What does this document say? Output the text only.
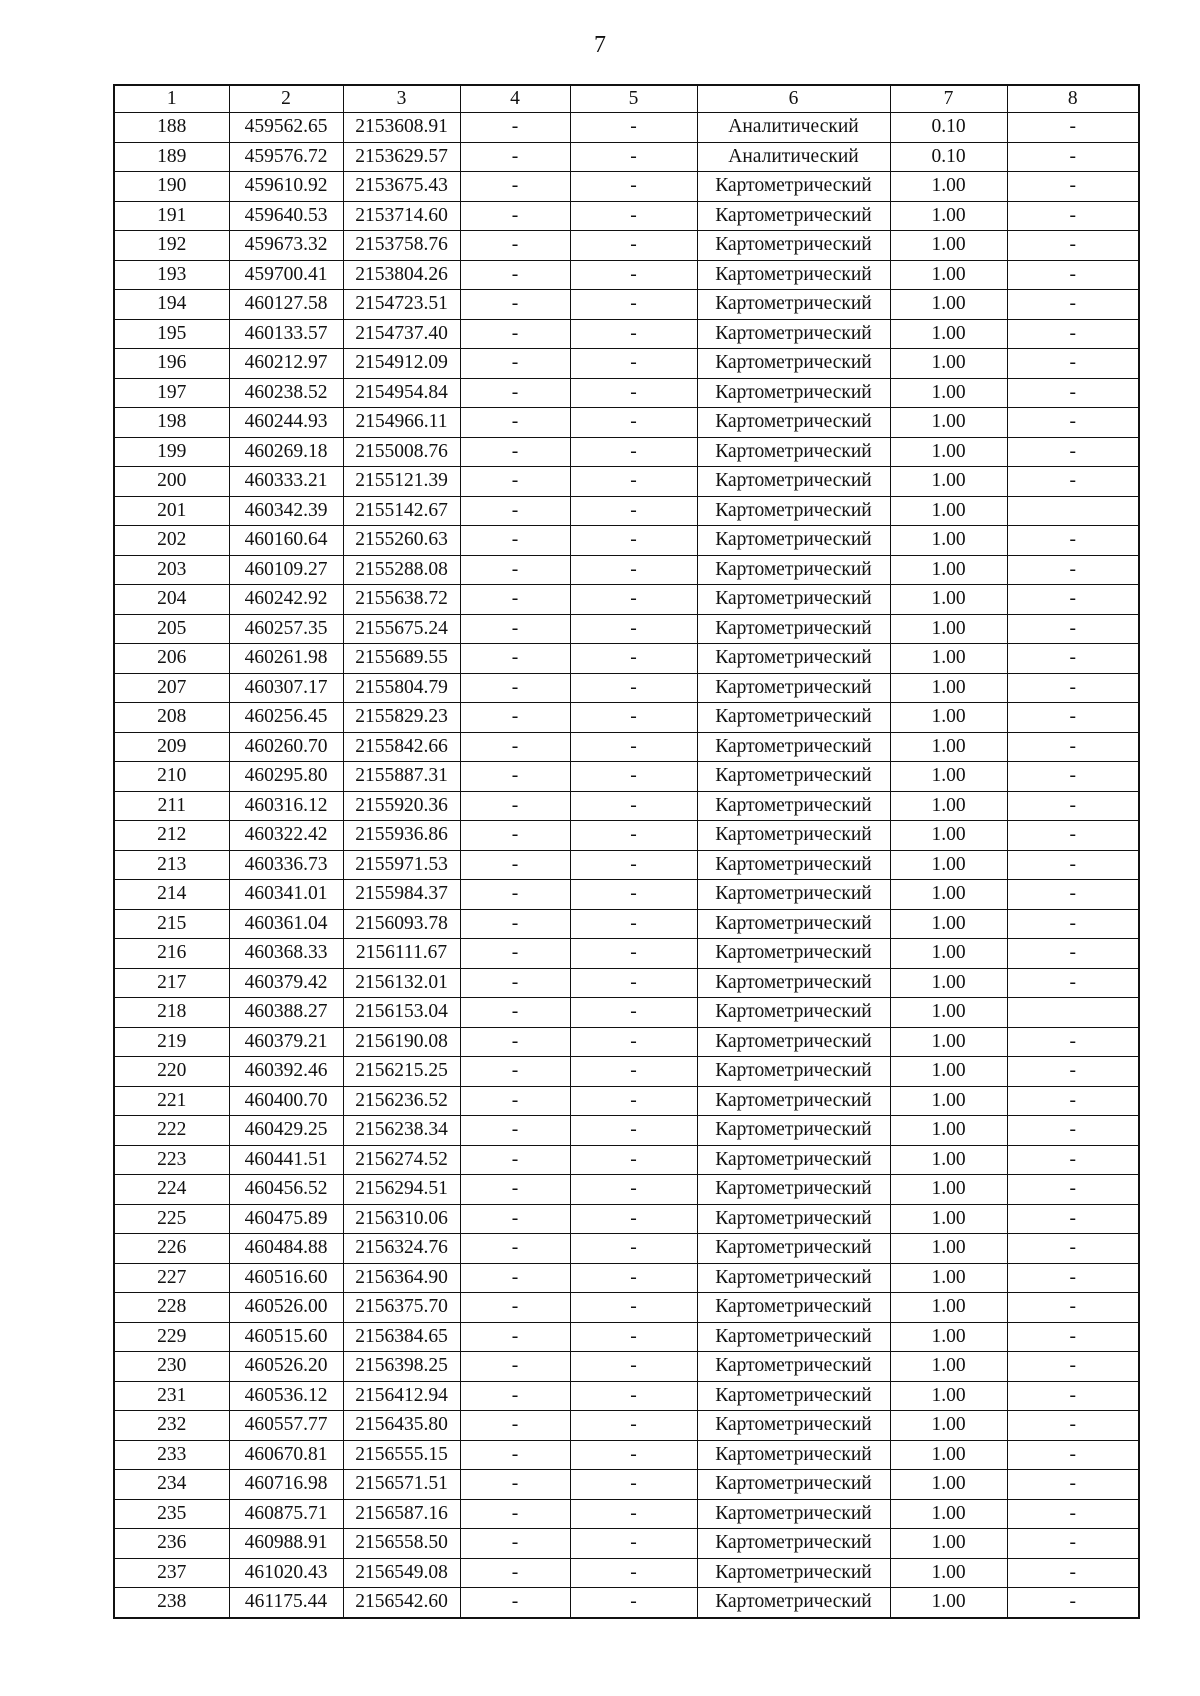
7
1	2	3	4	5	6	7	8
188	459562.65	2153608.91	-	-	Аналитический	0.10	-
189	459576.72	2153629.57	-	-	Аналитический	0.10	-
190	459610.92	2153675.43	-	-	Картометрический	1.00	-
191	459640.53	2153714.60	-	-	Картометрический	1.00	-
192	459673.32	2153758.76	-	-	Картометрический	1.00	-
193	459700.41	2153804.26	-	-	Картометрический	1.00	-
194	460127.58	2154723.51	-	-	Картометрический	1.00	-
195	460133.57	2154737.40	-	-	Картометрический	1.00	-
196	460212.97	2154912.09	-	-	Картометрический	1.00	-
197	460238.52	2154954.84	-	-	Картометрический	1.00	-
198	460244.93	2154966.11	-	-	Картометрический	1.00	-
199	460269.18	2155008.76	-	-	Картометрический	1.00	-
200	460333.21	2155121.39	-	-	Картометрический	1.00	-
201	460342.39	2155142.67	-	-	Картометрический	1.00	
202	460160.64	2155260.63	-	-	Картометрический	1.00	-
203	460109.27	2155288.08	-	-	Картометрический	1.00	-
204	460242.92	2155638.72	-	-	Картометрический	1.00	-
205	460257.35	2155675.24	-	-	Картометрический	1.00	-
206	460261.98	2155689.55	-	-	Картометрический	1.00	-
207	460307.17	2155804.79	-	-	Картометрический	1.00	-
208	460256.45	2155829.23	-	-	Картометрический	1.00	-
209	460260.70	2155842.66	-	-	Картометрический	1.00	-
210	460295.80	2155887.31	-	-	Картометрический	1.00	-
211	460316.12	2155920.36	-	-	Картометрический	1.00	-
212	460322.42	2155936.86	-	-	Картометрический	1.00	-
213	460336.73	2155971.53	-	-	Картометрический	1.00	-
214	460341.01	2155984.37	-	-	Картометрический	1.00	-
215	460361.04	2156093.78	-	-	Картометрический	1.00	-
216	460368.33	2156111.67	-	-	Картометрический	1.00	-
217	460379.42	2156132.01	-	-	Картометрический	1.00	-
218	460388.27	2156153.04	-	-	Картометрический	1.00	
219	460379.21	2156190.08	-	-	Картометрический	1.00	-
220	460392.46	2156215.25	-	-	Картометрический	1.00	-
221	460400.70	2156236.52	-	-	Картометрический	1.00	-
222	460429.25	2156238.34	-	-	Картометрический	1.00	-
223	460441.51	2156274.52	-	-	Картометрический	1.00	-
224	460456.52	2156294.51	-	-	Картометрический	1.00	-
225	460475.89	2156310.06	-	-	Картометрический	1.00	-
226	460484.88	2156324.76	-	-	Картометрический	1.00	-
227	460516.60	2156364.90	-	-	Картометрический	1.00	-
228	460526.00	2156375.70	-	-	Картометрический	1.00	-
229	460515.60	2156384.65	-	-	Картометрический	1.00	-
230	460526.20	2156398.25	-	-	Картометрический	1.00	-
231	460536.12	2156412.94	-	-	Картометрический	1.00	-
232	460557.77	2156435.80	-	-	Картометрический	1.00	-
233	460670.81	2156555.15	-	-	Картометрический	1.00	-
234	460716.98	2156571.51	-	-	Картометрический	1.00	-
235	460875.71	2156587.16	-	-	Картометрический	1.00	-
236	460988.91	2156558.50	-	-	Картометрический	1.00	-
237	461020.43	2156549.08	-	-	Картометрический	1.00	-
238	461175.44	2156542.60	-	-	Картометрический	1.00	-
